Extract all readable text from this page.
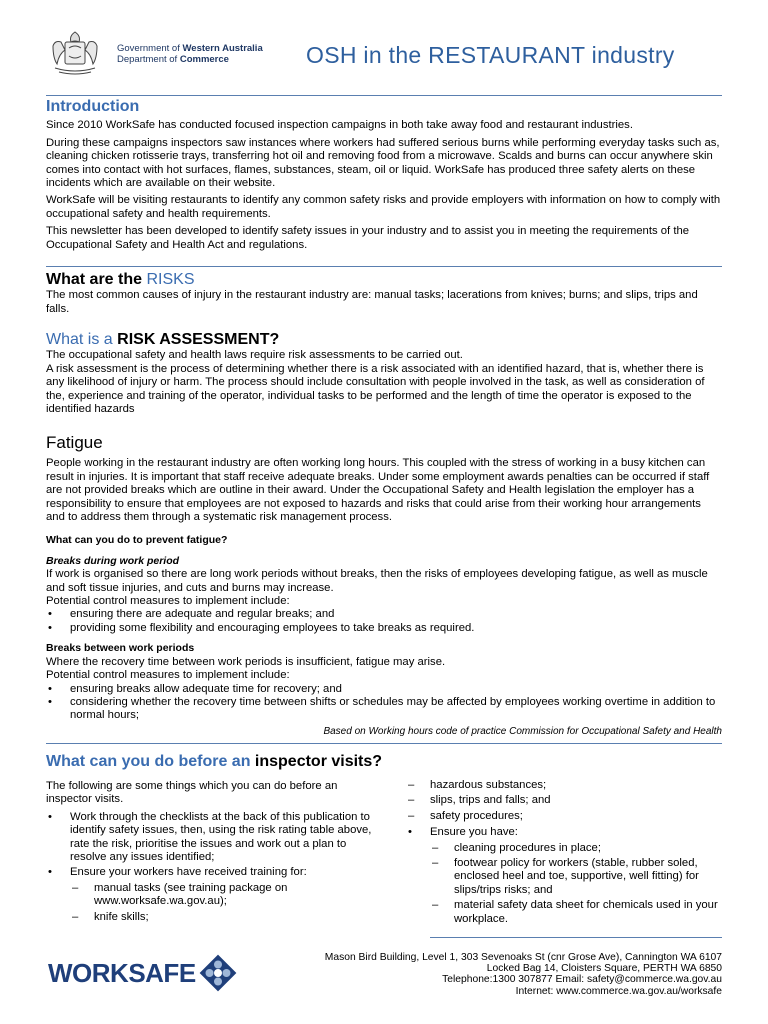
Government of Western Australia
Department of Commerce	OSH in the RESTAURANT industry
Introduction

Since 2010 WorkSafe has conducted focused inspection campaigns in both take away food and restaurant industries.

During these campaigns inspectors saw instances where workers had suffered serious burns while performing everyday tasks such as, cleaning chicken rotisserie trays, transferring hot oil and removing food from a microwave. Scalds and burns can occur anywhere skin comes into contact with hot surfaces, flames, substances, steam, oil or liquid. WorkSafe has produced three safety alerts on these incidents which are available on their website.

WorkSafe will be visiting restaurants to identify any common safety risks and provide employers with information on how to comply with occupational safety and health requirements.

This newsletter has been developed to identify safety issues in your industry and to assist you in meeting the requirements of the Occupational Safety and Health Act and regulations.

What are the RISKS

The most common causes of injury in the restaurant industry are: manual tasks; lacerations from knives; burns; and slips, trips and falls.

What is a RISK ASSESSMENT?

The occupational safety and health laws require risk assessments to be carried out.

A risk assessment is the process of determining whether there is a risk associated with an identified hazard, that is, whether there is any likelihood of injury or harm. The process should include consultation with people involved in the task, as well as consideration of the, experience and training of the operator, individual tasks to be performed and the length of time the operator is exposed to the identified hazards

Fatigue

People working in the restaurant industry are often working long hours. This coupled with the stress of working in a busy kitchen can result in injuries. It is important that staff receive adequate breaks. Under some employment awards penalties can be occurred if staff are not provided breaks which are outline in their award. Under the Occupational Safety and Health legislation the employer has a responsibility to ensure that employees are not exposed to hazards and risks that could arise from their working hour arrangements and to address them through a systematic risk management process.

What can you do to prevent fatigue?

Breaks during work period

If work is organised so there are long work periods without breaks, then the risks of employees developing fatigue, as well as muscle and soft tissue injuries, and cuts and burns may increase.

Potential control measures to implement include:

• ensuring there are adequate and regular breaks; and
• providing some flexibility and encouraging employees to take breaks as required.

Breaks between work periods

Where the recovery time between work periods is insufficient, fatigue may arise.

Potential control measures to implement include:

• ensuring breaks allow adequate time for recovery; and
• considering whether the recovery time between shifts or schedules may be affected by employees working overtime in addition to normal hours;

Based on Working hours code of practice Commission for Occupational Safety and Health

What can you do before an inspector visits?

The following are some things which you can do before an inspector visits.

• Work through the checklists at the back of this publication to identify safety issues, then, using the risk rating table above, rate the risk, prioritise the issues and work out a plan to resolve any issues identified;
• Ensure your workers have received training for:
– manual tasks (see training package on www.worksafe.wa.gov.au);
– knife skills;
– hazardous substances;
– slips, trips and falls; and
– safety procedures;
• Ensure you have:
– cleaning procedures in place;
– footwear policy for workers (stable, rubber soled, enclosed heel and toe, supportive, well fitting) for slips/trips risks; and
– material safety data sheet for chemicals used in your workplace.
WORKSAFE	Mason Bird Building, Level 1, 303 Sevenoaks St (cnr Grose Ave), Cannington WA 6107
Locked Bag 14, Cloisters Square, PERTH WA 6850
Telephone:1300 307877 Email: safety@commerce.wa.gov.au
Internet: www.commerce.wa.gov.au/worksafe
